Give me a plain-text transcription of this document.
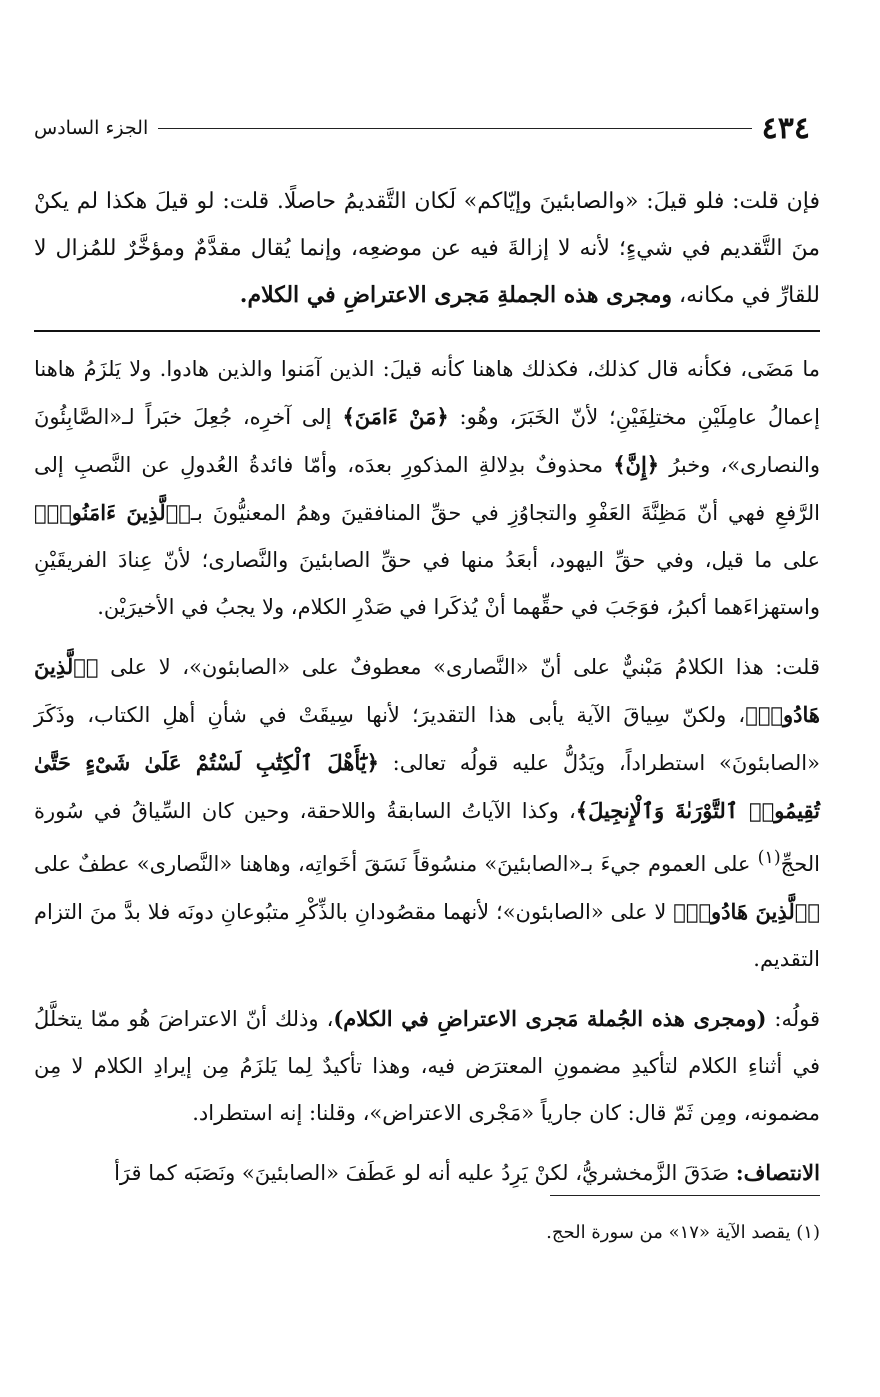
٤٣٤
الجزء السادس
فإن قلت: فلو قيلَ: «والصابئينَ وإيّاكم» لَكان التَّقديمُ حاصلًا. قلت: لو قيلَ هكذا لم يكنْ منَ التَّقديم في شيءٍ؛ لأنه لا إزالةَ فيه عن موضعِه، وإنما يُقال مقدَّمٌ ومؤخَّرٌ للمُزال لا للقارِّ في مكانه، ومجرى هذه الجملةِ مَجرى الاعتراضِ في الكلام.

ما مَضَى، فكأنه قال كذلك، فكذلك هاهنا كأنه قيلَ: الذين آمَنوا والذين هادوا. ولا يَلزَمُ هاهنا إعمالُ عامِلَيْنِ مختلِفَيْنِ؛ لأنّ الخَبَرَ، وهُو: ﴿مَنْ ءَامَنَ﴾ إلى آخرِه، جُعِلَ خبَراً لـ«الصَّابِئُونَ والنصارى»، وخبرُ ﴿إِنَّ﴾ محذوفٌ بدِلالةِ المذكورِ بعدَه، وأمّا فائدةُ العُدولِ عن النَّصبِ إلى الرَّفعِ فهي أنّ مَظِنَّةَ العَفْوِ والتجاوُزِ في حقِّ المنافقينَ وهمُ المعنيُّونَ بـ﴿ٱلَّذِينَ ءَامَنُوا۟﴾ على ما قيل، وفي حقِّ اليهود، أبعَدُ منها في حقِّ الصابئينَ والنَّصارى؛ لأنّ عِنادَ الفريقَيْنِ واستهزاءَهما أكبرُ، فوَجَبَ في حقِّهما أنْ يُذكَرا في صَدْرِ الكلام، ولا يجبُ في الأخيرَيْن.

قلت: هذا الكلامُ مَبْنيٌّ على أنّ «النَّصارى» معطوفٌ على «الصابئون»، لا على ﴿ٱلَّذِينَ هَادُوا۟﴾، ولكنّ سِياقَ الآية يأبى هذا التقديرَ؛ لأنها سِيقَتْ في شأنِ أهلِ الكتاب، وذَكَرَ «الصابئونَ» استطراداً، ويَدُلُّ عليه قولُه تعالى: ﴿يَٰٓأَهْلَ ٱلْكِتَٰبِ لَسْتُمْ عَلَىٰ شَىْءٍ حَتَّىٰ تُقِيمُوا۟ ٱلتَّوْرَىٰةَ وَٱلْإِنجِيلَ﴾، وكذا الآياتُ السابقةُ واللاحقة، وحين كان السِّياقُ في سُورة الحجِّ$^{(١)}$ على العموم جيءَ بـ«الصابئينَ» منسُوقاً نَسَقَ أخَواتِه، وهاهنا «النَّصارى» عطفٌ على ﴿ٱلَّذِينَ هَادُوا۟﴾ لا على «الصابئون»؛ لأنهما مقصُودانِ بالذِّكْرِ متبُوعانِ دونَه فلا بدَّ منَ التزام التقديم.

قولُه: (ومجرى هذه الجُملة مَجرى الاعتراضِ في الكلام)، وذلك أنّ الاعتراضَ هُو ممّا يتخلَّلُ في أثناءِ الكلام لتأكيدِ مضمونِ المعترَض فيه، وهذا تأكيدٌ لِما يَلزَمُ مِن إيرادِ الكلام لا مِن مضمونه، ومِن ثَمّ قال: كان جارياً «مَجْرى الاعتراض»، وقلنا: إنه استطراد.

الانتصاف: صَدَقَ الزَّمخشريُّ، لكنْ يَرِدُ عليه أنه لو عَطَفَ «الصابئينَ» ونَصَبَه كما قرَأ

(١) يقصد الآية «١٧» من سورة الحج.
